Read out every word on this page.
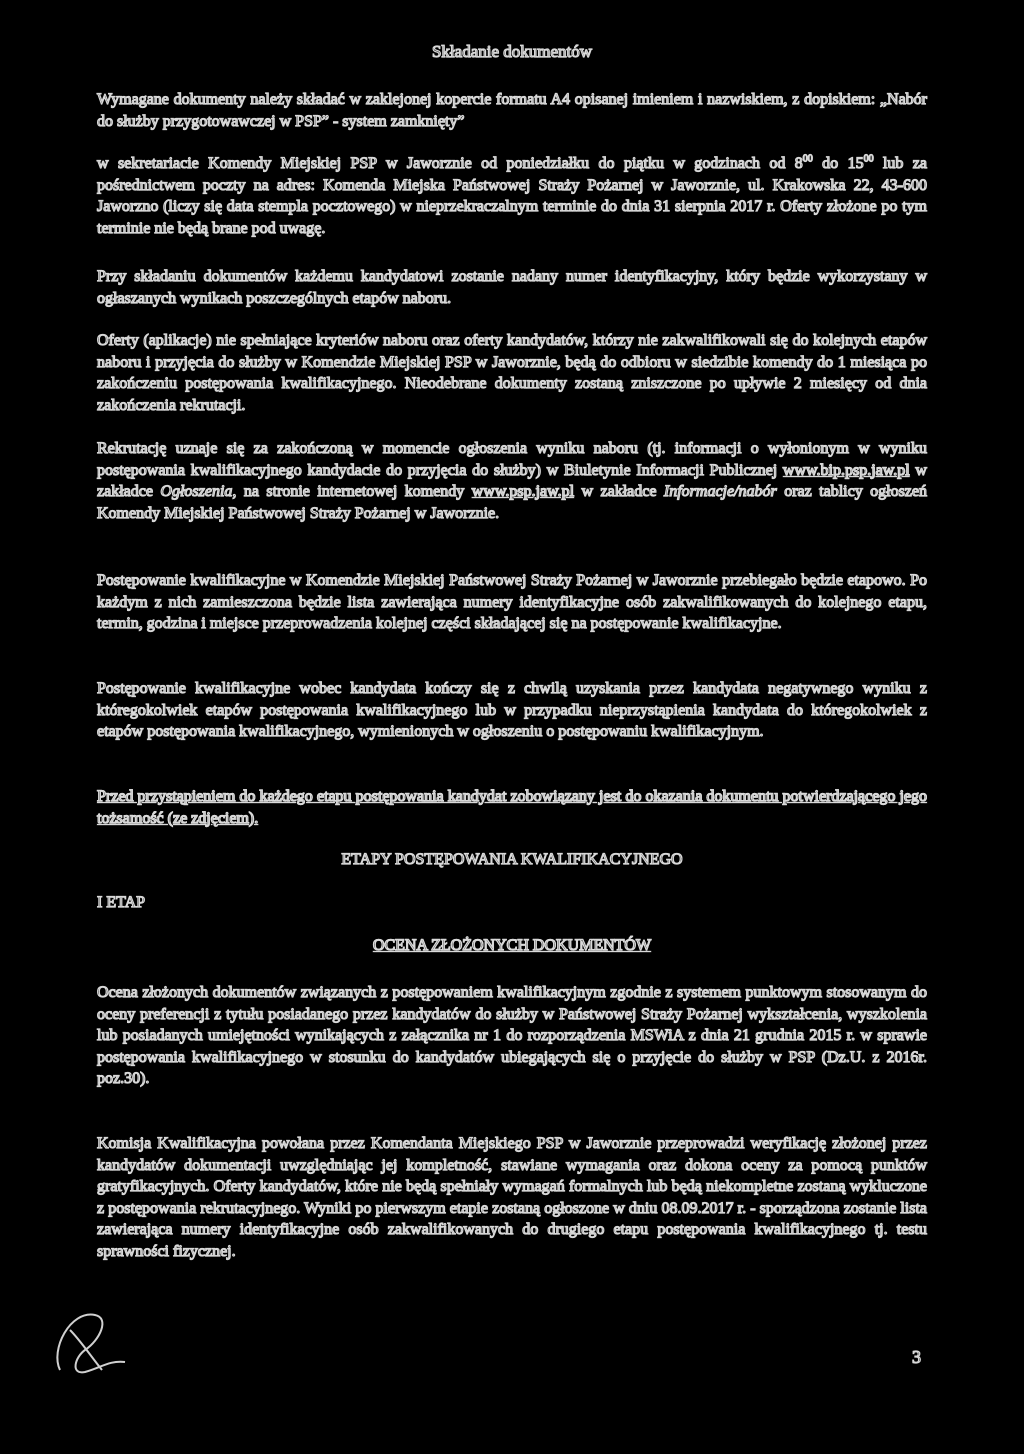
Składanie dokumentów

Wymagane dokumenty należy składać w zaklejonej kopercie formatu A4 opisanej imieniem i nazwiskiem, z dopiskiem: „Nabór do służby przygotowawczej w PSP” - system zamknięty”

w sekretariacie Komendy Miejskiej PSP w Jaworznie od poniedziałku do piątku w godzinach od $8^{00}$ do $15^{00}$ lub za pośrednictwem poczty na adres: Komenda Miejska Państwowej Straży Pożarnej w Jaworznie, ul. Krakowska 22, 43-600 Jaworzno (liczy się data stempla pocztowego) w nieprzekraczalnym terminie do dnia 31 sierpnia 2017 r. Oferty złożone po tym terminie nie będą brane pod uwagę.

Przy składaniu dokumentów każdemu kandydatowi zostanie nadany numer identyfikacyjny, który będzie wykorzystany w ogłaszanych wynikach poszczególnych etapów naboru.

Oferty (aplikacje) nie spełniające kryteriów naboru oraz oferty kandydatów, którzy nie zakwalifikowali się do kolejnych etapów naboru i przyjęcia do służby w Komendzie Miejskiej PSP w Jaworznie, będą do odbioru w siedzibie komendy do 1 miesiąca po zakończeniu postępowania kwalifikacyjnego. Nieodebrane dokumenty zostaną zniszczone po upływie 2 miesięcy od dnia zakończenia rekrutacji.

Rekrutację uznaje się za zakończoną w momencie ogłoszenia wyniku naboru (tj. informacji o wyłonionym w wyniku postępowania kwalifikacyjnego kandydacie do przyjęcia do służby) w Biuletynie Informacji Publicznej www.bip.psp.jaw.pl w zakładce Ogłoszenia, na stronie internetowej komendy www.psp.jaw.pl w zakładce Informacje/nabór oraz tablicy ogłoszeń Komendy Miejskiej Państwowej Straży Pożarnej w Jaworznie.

Postępowanie kwalifikacyjne w Komendzie Miejskiej Państwowej Straży Pożarnej w Jaworznie przebiegało będzie etapowo. Po każdym z nich zamieszczona będzie lista zawierająca numery identyfikacyjne osób zakwalifikowanych do kolejnego etapu, termin, godzina i miejsce przeprowadzenia kolejnej części składającej się na postępowanie kwalifikacyjne.

Postępowanie kwalifikacyjne wobec kandydata kończy się z chwilą uzyskania przez kandydata negatywnego wyniku z któregokolwiek etapów postępowania kwalifikacyjnego lub w przypadku nieprzystąpienia kandydata do któregokolwiek z etapów postępowania kwalifikacyjnego, wymienionych w ogłoszeniu o postępowaniu kwalifikacyjnym.

Przed przystąpieniem do każdego etapu postępowania kandydat zobowiązany jest do okazania dokumentu potwierdzającego jego tożsamość (ze zdjęciem).

ETAPY POSTĘPOWANIA KWALIFIKACYJNEGO
I ETAP
OCENA ZŁOŻONYCH DOKUMENTÓW

Ocena złożonych dokumentów związanych z postępowaniem kwalifikacyjnym zgodnie z systemem punktowym stosowanym do oceny preferencji z tytułu posiadanego przez kandydatów do służby w Państwowej Straży Pożarnej wykształcenia, wyszkolenia lub posiadanych umiejętności wynikających z załącznika nr 1 do rozporządzenia MSWiA z dnia 21 grudnia 2015 r. w sprawie postępowania kwalifikacyjnego w stosunku do kandydatów ubiegających się o przyjęcie do służby w PSP (Dz.U. z 2016r. poz.30).

Komisja Kwalifikacyjna powołana przez Komendanta Miejskiego PSP w Jaworznie przeprowadzi weryfikację złożonej przez kandydatów dokumentacji uwzględniając jej kompletność, stawiane wymagania oraz dokona oceny za pomocą punktów gratyfikacyjnych. Oferty kandydatów, które nie będą spełniały wymagań formalnych lub będą niekompletne zostaną wykluczone z postępowania rekrutacyjnego. Wyniki po pierwszym etapie zostaną ogłoszone w dniu 08.09.2017 r. - sporządzona zostanie lista zawierająca numery identyfikacyjne osób zakwalifikowanych do drugiego etapu postępowania kwalifikacyjnego tj. testu sprawności fizycznej.

3
